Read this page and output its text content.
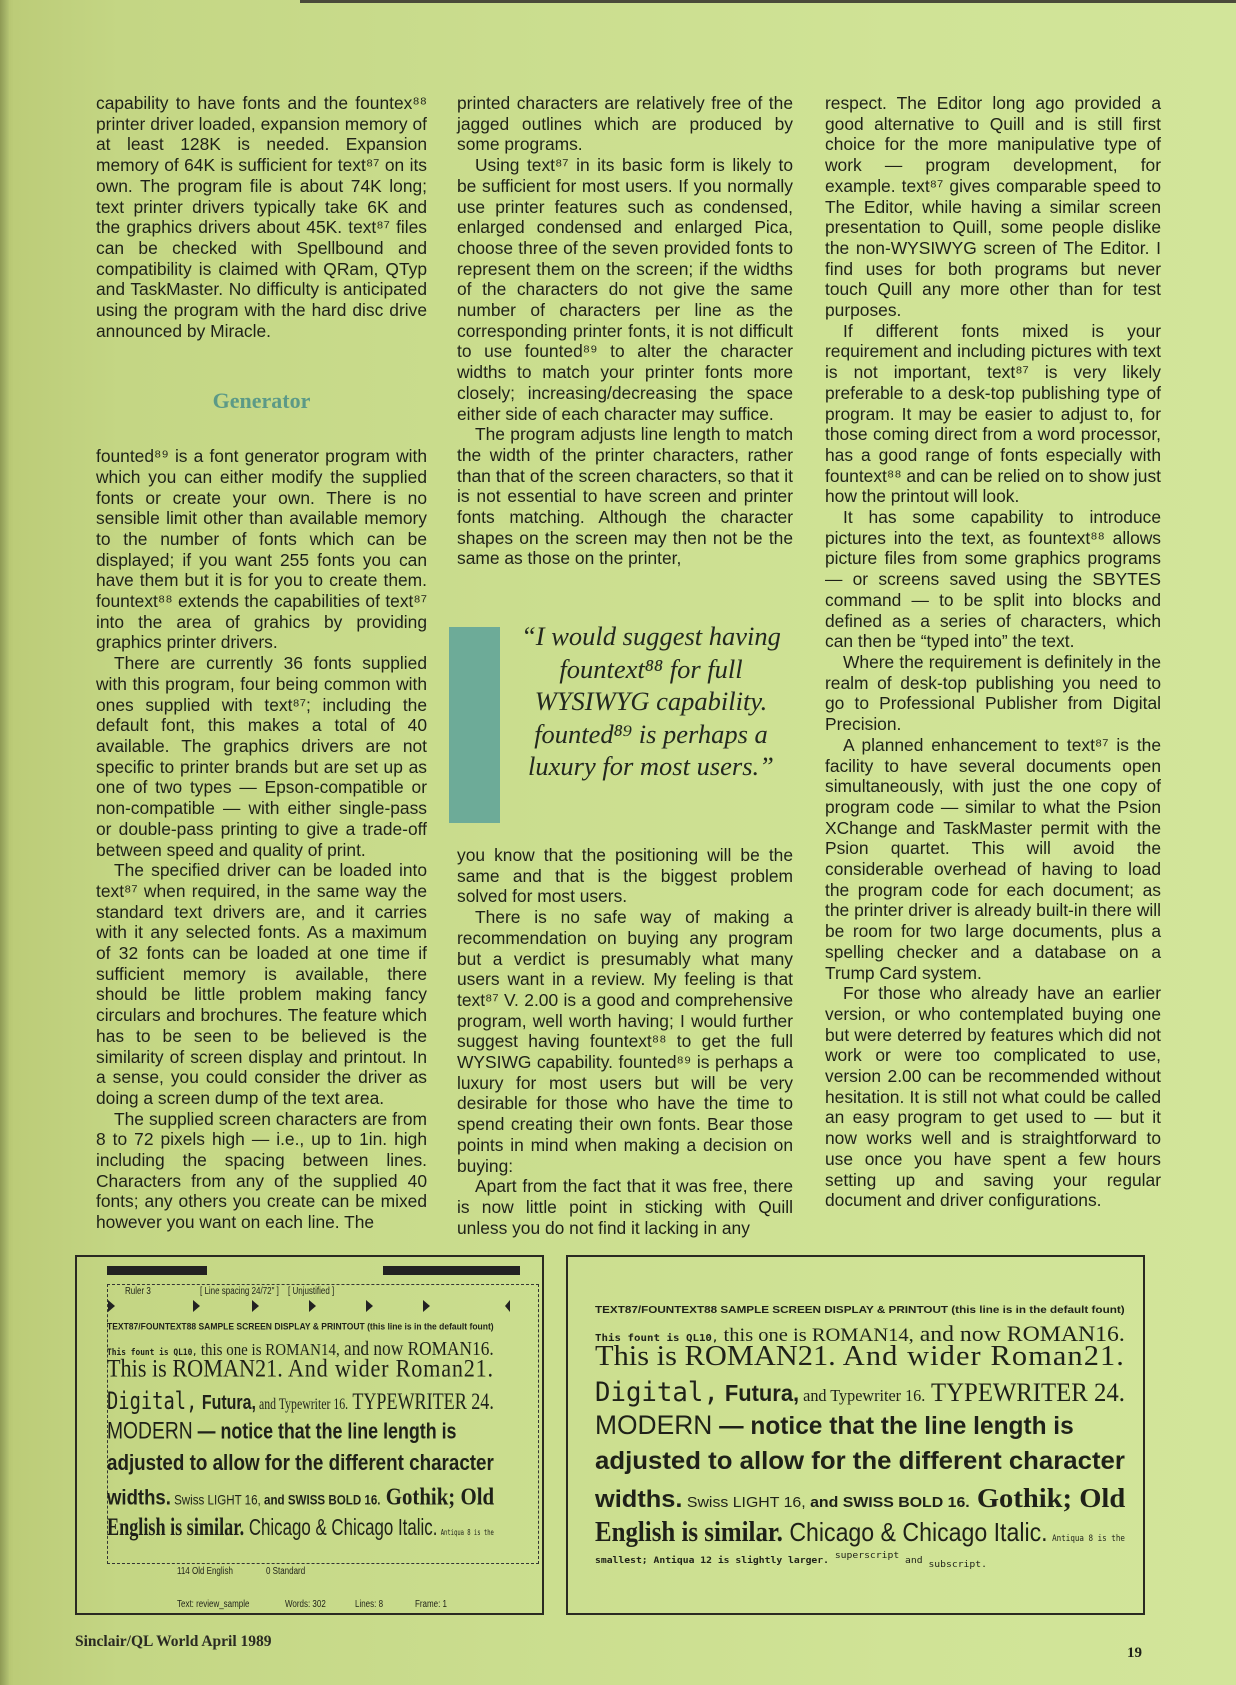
capability to have fonts and the fountex⁸⁸ printer driver loaded, expansion memory of at least 128K is needed. Expansion memory of 64K is sufficient for text⁸⁷ on its own. The program file is about 74K long; text printer drivers typically take 6K and the graphics drivers about 45K. text⁸⁷ files can be checked with Spellbound and compatibility is claimed with QRam, QTyp and TaskMaster. No difficulty is anticipated using the program with the hard disc drive announced by Miracle.

Generator

founted⁸⁹ is a font generator program with which you can either modify the supplied fonts or create your own. There is no sensible limit other than available memory to the number of fonts which can be displayed; if you want 255 fonts you can have them but it is for you to create them. fountext⁸⁸ extends the capabilities of text⁸⁷ into the area of grahics by providing graphics printer drivers.

There are currently 36 fonts supplied with this program, four being common with ones supplied with text⁸⁷; including the default font, this makes a total of 40 available. The graphics drivers are not specific to printer brands but are set up as one of two types — Epson-compatible or non-compatible — with either single-pass or double-pass printing to give a trade-off between speed and quality of print.

The specified driver can be loaded into text⁸⁷ when required, in the same way the standard text drivers are, and it carries with it any selected fonts. As a maximum of 32 fonts can be loaded at one time if sufficient memory is available, there should be little problem making fancy circulars and brochures. The feature which has to be seen to be believed is the similarity of screen display and printout. In a sense, you could consider the driver as doing a screen dump of the text area.

The supplied screen characters are from 8 to 72 pixels high — i.e., up to 1in. high including the spacing between lines. Characters from any of the supplied 40 fonts; any others you create can be mixed however you want on each line. The

printed characters are relatively free of the jagged outlines which are produced by some programs.

Using text⁸⁷ in its basic form is likely to be sufficient for most users. If you normally use printer features such as condensed, enlarged condensed and enlarged Pica, choose three of the seven provided fonts to represent them on the screen; if the widths of the characters do not give the same number of characters per line as the corresponding printer fonts, it is not difficult to use founted⁸⁹ to alter the character widths to match your printer fonts more closely; increasing/decreasing the space either side of each character may suffice.

The program adjusts line length to match the width of the printer characters, rather than that of the screen characters, so that it is not essential to have screen and printer fonts matching. Although the character shapes on the screen may then not be the same as those on the printer,

“I would suggest having fountext⁸⁸ for full WYSIWYG capability. founted⁸⁹ is perhaps a luxury for most users.”

you know that the positioning will be the same and that is the biggest problem solved for most users.

There is no safe way of making a recommendation on buying any program but a verdict is presumably what many users want in a review. My feeling is that text⁸⁷ V. 2.00 is a good and comprehensive program, well worth having; I would further suggest having fountext⁸⁸ to get the full WYSIWG capability. founted⁸⁹ is perhaps a luxury for most users but will be very desirable for those who have the time to spend creating their own fonts. Bear those points in mind when making a decision on buying:

Apart from the fact that it was free, there is now little point in sticking with Quill unless you do not find it lacking in any

respect. The Editor long ago provided a good alternative to Quill and is still first choice for the more manipulative type of work — program development, for example. text⁸⁷ gives comparable speed to The Editor, while having a similar screen presentation to Quill, some people dislike the non-WYSIWYG screen of The Editor. I find uses for both programs but never touch Quill any more other than for test purposes.

If different fonts mixed is your requirement and including pictures with text is not important, text⁸⁷ is very likely preferable to a desk-top publishing type of program. It may be easier to adjust to, for those coming direct from a word processor, has a good range of fonts especially with fountext⁸⁸ and can be relied on to show just how the printout will look.

It has some capability to introduce pictures into the text, as fountext⁸⁸ allows picture files from some graphics programs — or screens saved using the SBYTES command — to be split into blocks and defined as a series of characters, which can then be “typed into” the text.

Where the requirement is definitely in the realm of desk-top publishing you need to go to Professional Publisher from Digital Precision.

A planned enhancement to text⁸⁷ is the facility to have several documents open simultaneously, with just the one copy of program code — similar to what the Psion XChange and TaskMaster permit with the Psion quartet. This will avoid the considerable overhead of having to load the program code for each document; as the printer driver is already built-in there will be room for two large documents, plus a spelling checker and a database on a Trump Card system.

For those who already have an earlier version, or who contemplated buying one but were deterred by features which did not work or were too complicated to use, version 2.00 can be recommended without hesitation. It is still not what could be called an easy program to get used to — but it now works well and is straightforward to use once you have spent a few hours setting up and saving your regular document and driver configurations.

Ruler 3	[ Line spacing 24/72" ] [ Unjustified ]
TEXT87/FOUNTEXT88 SAMPLE SCREEN DISPLAY & PRINTOUT (this line is in the default fount)
This fount is QL10, this one is ROMAN14, and now ROMAN16.
This is ROMAN21. And wider Roman21.
Digital, Futura, and Typewriter 16. TYPEWRITER 24.
MODERN — notice that the line length is
adjusted to allow for the different character
widths. Swiss LIGHT 16, and SWISS BOLD 16. Gothik; Old
English is similar. Chicago & Chicago Italic. Antiqua 8 is the
114 Old English	0 Standard
Text: review_sample	Words: 302	Lines: 8	Frame: 1
TEXT87/FOUNTEXT88 SAMPLE SCREEN DISPLAY & PRINTOUT (this line is in the default fount)
This fount is QL10, this one is ROMAN14, and now ROMAN16.
This is ROMAN21. And wider Roman21.
Digital, Futura, and Typewriter 16. TYPEWRITER 24.
MODERN — notice that the line length is
adjusted to allow for the different character
widths. Swiss LIGHT 16, and SWISS BOLD 16. Gothik; Old
English is similar. Chicago & Chicago Italic. Antiqua 8 is the
smallest; Antiqua 12 is slightly larger. $^{superscript}$ and $_{subscript.}$
Sinclair/QL World April 1989
19
